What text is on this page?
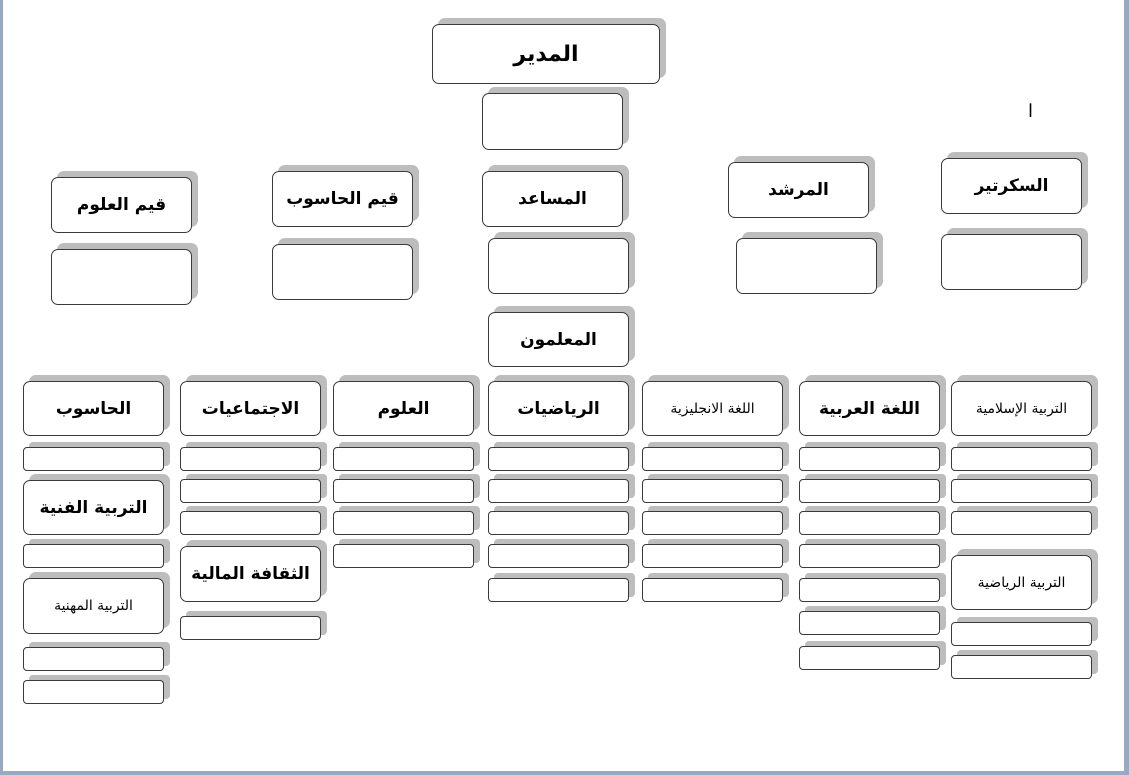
المدير
ا
قيم العلوم	قيم الحاسوب	المساعد	المرشد	السكرتير
المعلمون
الحاسوب	الاجتماعيات	العلوم	الرياضيات	اللغة الانجليزية	اللغة العربية	التربية الإسلامية
التربية الفنية
التربية المهنية
الثقافة المالية	التربية الرياضية
